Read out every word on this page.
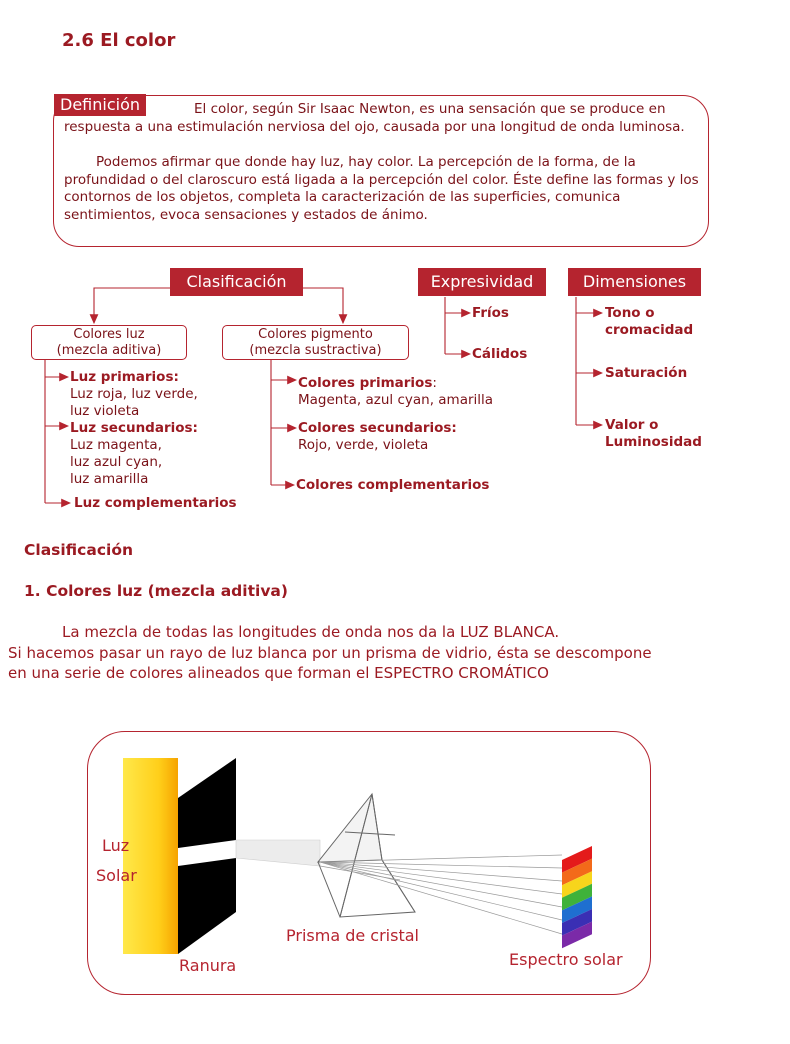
2.6 El color
Definición	El color, según Sir Isaac Newton, es una sensación que se produce en respuesta a una estimulación nerviosa del ojo, causada por una longitud de onda luminosa.

Podemos afirmar que donde hay luz, hay color. La percepción de la forma, de la profundidad o del claroscuro está ligada a la percepción del color. Éste define las formas y los contornos de los objetos, completa la caracterización de las superficies, comunica sentimientos, evoca sensaciones y estados de ánimo.

Clasificación	Expresividad	Dimensiones
Colores luz
(mezcla aditiva)
Colores pigmento
(mezcla sustractiva)
Luz primarios:
Luz roja, luz verde,
luz violeta
Luz secundarios:
Luz magenta,
luz azul cyan,
luz amarilla
Luz complementarios
Colores primarios:
Magenta, azul cyan, amarilla
Colores secundarios:
Rojo, verde, violeta
Colores complementarios
Fríos
Cálidos
Tono o
cromacidad
Saturación
Valor o
Luminosidad
Clasificación
1. Colores luz (mezcla aditiva)
La mezcla de todas las longitudes de onda nos da la LUZ BLANCA.
Si hacemos pasar un rayo de luz blanca por un prisma de vidrio, ésta se descompone
en una serie de colores alineados que forman el ESPECTRO CROMÁTICO
Luz
Solar
Ranura
Prisma de cristal
Espectro solar
